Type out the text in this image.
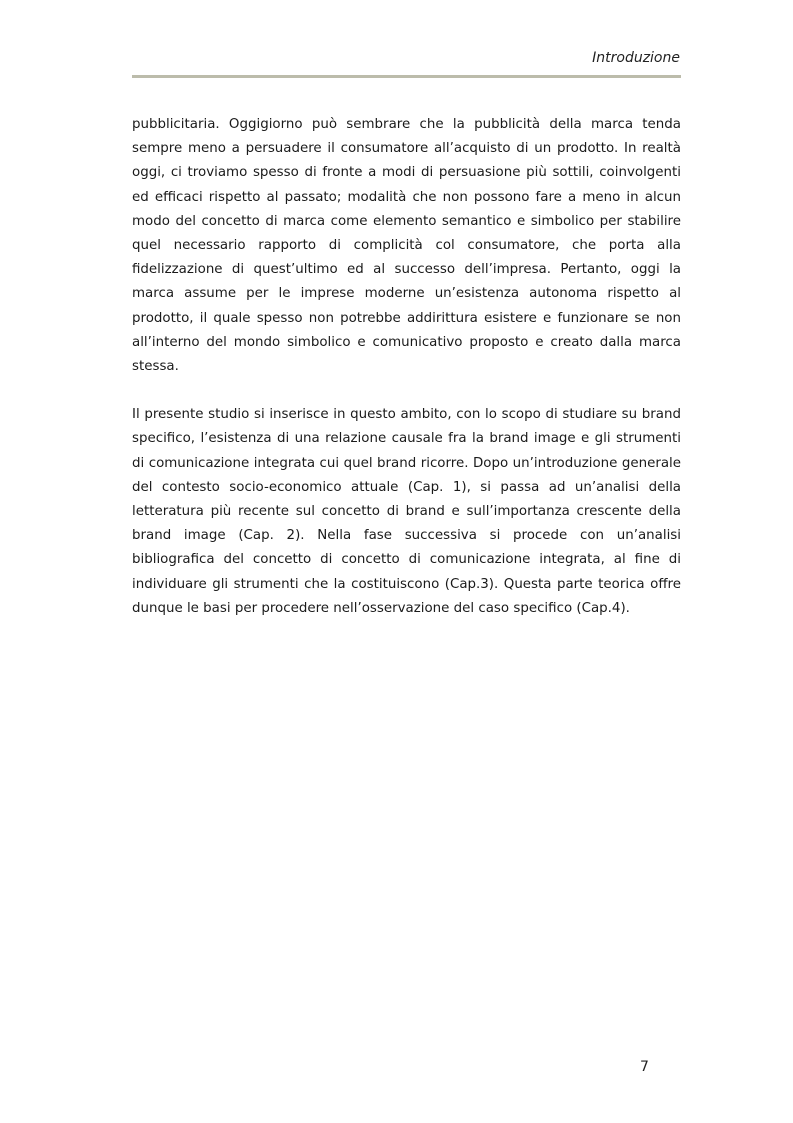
Introduzione

pubblicitaria. Oggigiorno può sembrare che la pubblicità della marca tenda sempre meno a persuadere il consumatore all’acquisto di un prodotto. In realtà oggi, ci troviamo spesso di fronte a modi di persuasione più sottili, coinvolgenti ed efficaci rispetto al passato; modalità che non possono fare a meno in alcun modo del concetto di marca come elemento semantico e simbolico per stabilire quel necessario rapporto di complicità col consumatore, che porta alla fidelizzazione di quest’ultimo ed al successo dell’impresa. Pertanto, oggi la marca assume per le imprese moderne un’esistenza autonoma rispetto al prodotto, il quale spesso non potrebbe addirittura esistere e funzionare se non all’interno del mondo simbolico e comunicativo proposto e creato dalla marca stessa.

Il presente studio si inserisce in questo ambito, con lo scopo di studiare su brand specifico, l’esistenza di una relazione causale fra la brand image e gli strumenti di comunicazione integrata cui quel brand ricorre. Dopo un’introduzione generale del contesto socio-economico attuale (Cap. 1), si passa ad un’analisi della letteratura più recente sul concetto di brand e sull’importanza crescente della brand image (Cap. 2). Nella fase successiva si procede con un’analisi bibliografica del concetto di concetto di comunicazione integrata, al fine di individuare gli strumenti che la costituiscono (Cap.3). Questa parte teorica offre dunque le basi per procedere nell’osservazione del caso specifico (Cap.4).

7
